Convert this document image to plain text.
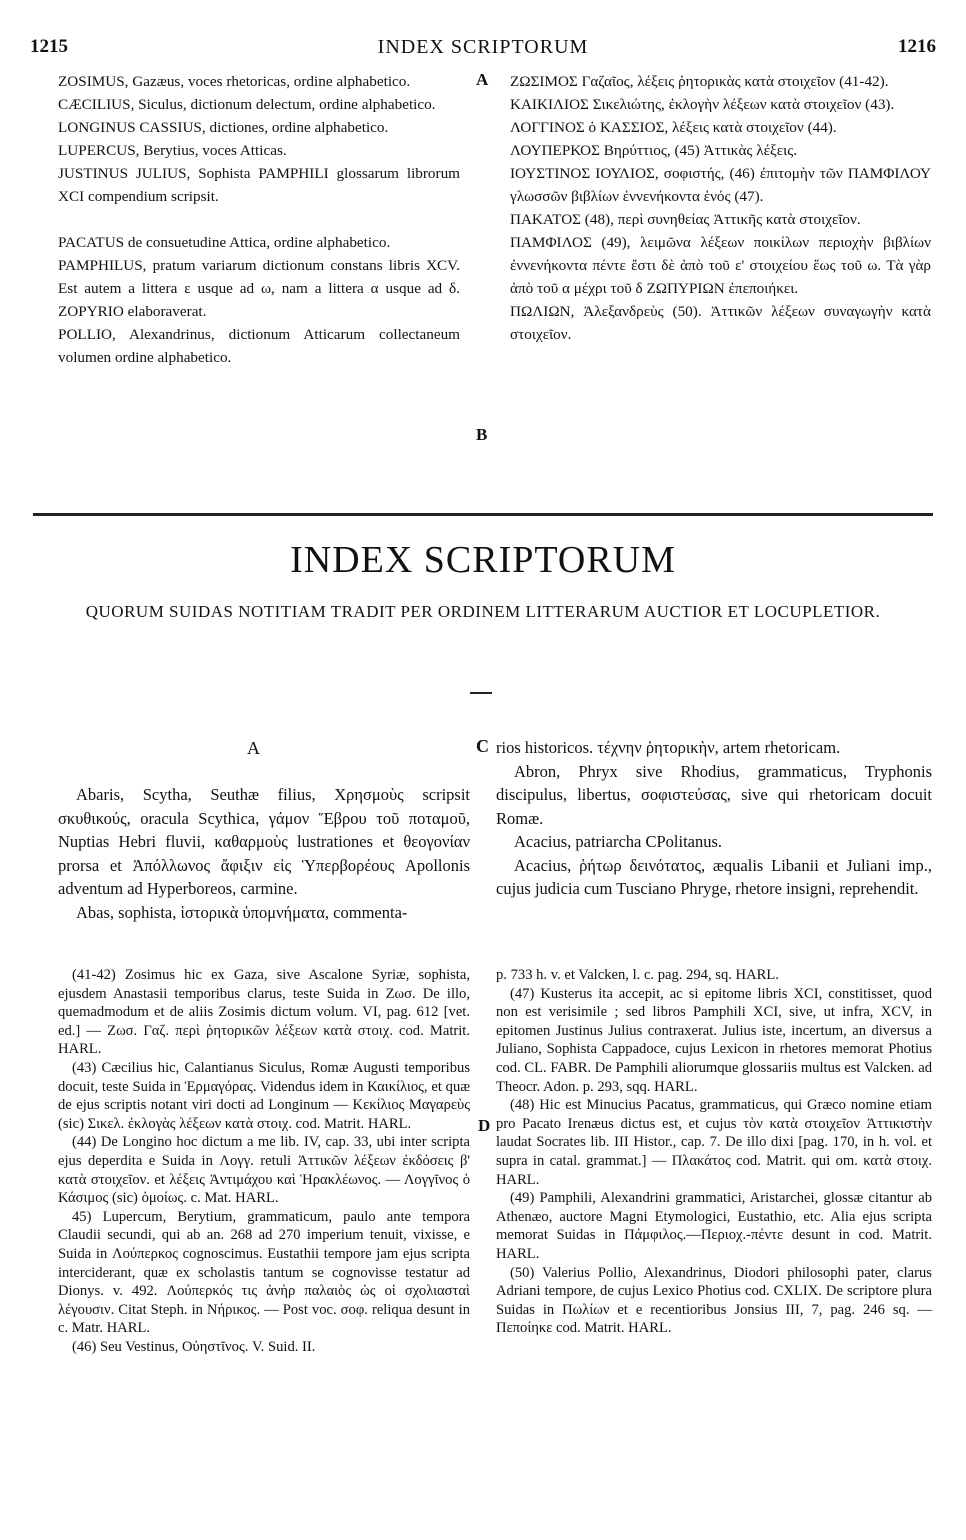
1215	INDEX SCRIPTORUM	1216

ZOSIMUS, Gazæus, voces rhetoricas, ordine alphabetico.

CÆCILIUS, Siculus, dictionum delectum, ordine alphabetico.

LONGINUS CASSIUS, dictiones, ordine alphabetico.

LUPERCUS, Berytius, voces Atticas.

JUSTINUS JULIUS, Sophista PAMPHILI glossarum librorum XCI compendium scripsit.

PACATUS de consuetudine Attica, ordine alphabetico.

PAMPHILUS, pratum variarum dictionum constans libris XCV. Est autem a littera ε usque ad ω, nam a littera α usque ad δ. ZOPYRIO elaboraverat.

POLLIO, Alexandrinus, dictionum Atticarum collectaneum volumen ordine alphabetico.

A
B

ΖΩΣΙΜΟΣ Γαζαῖος, λέξεις ῥητορικὰς κατὰ στοιχεῖον (41-42).

ΚΑΙΚΙΛΙΟΣ Σικελιώτης, ἐκλογὴν λέξεων κατὰ στοιχεῖον (43).

ΛΟΓΓΙΝΟΣ ὁ ΚΑΣΣΙΟΣ, λέξεις κατὰ στοιχεῖον (44).

ΛΟΥΠΕΡΚΟΣ Βηρύττιος, (45) Ἀττικὰς λέξεις.

ΙΟΥΣΤΙΝΟΣ ΙΟΥΛΙΟΣ, σοφιστής, (46) ἐπιτομὴν τῶν ΠΑΜΦΙΛΟΥ γλωσσῶν βιβλίων ἐννενήκοντα ἑνός (47).

ΠΑΚΑΤΟΣ (48), περὶ συνηθείας Ἀττικῆς κατὰ στοιχεῖον.

ΠΑΜΦΙΛΟΣ (49), λειμῶνα λέξεων ποικίλων περιοχὴν βιβλίων ἐννενήκοντα πέντε ἔστι δὲ ἀπὸ τοῦ ε' στοιχείου ἕως τοῦ ω. Τὰ γὰρ ἀπὸ τοῦ α μέχρι τοῦ δ ΖΩΠΥΡΙΩΝ ἐπεποιήκει.

ΠΩΛΙΩΝ, Ἀλεξανδρεὺς (50). Ἀττικῶν λέξεων συναγωγὴν κατὰ στοιχεῖον.

INDEX SCRIPTORUM
QUORUM SUIDAS NOTITIAM TRADIT PER ORDINEM LITTERARUM AUCTIOR ET LOCUPLETIOR.
A	C
D

Abaris, Scytha, Seuthæ filius, Χρησμοὺς scripsit σκυθικούς, oracula Scythica, γάμον Ἕβρου τοῦ ποταμοῦ, Nuptias Hebri fluvii, καθαρμοὺς lustrationes et θεογονίαν prorsa et Ἀπόλλωνος ἄφιξιν εἰς Ὑπερβορέους Apollonis adventum ad Hyperboreos, carmine.

Abas, sophista, ἱστορικὰ ὑπομνήματα, commenta-

rios historicos. τέχνην ῥητορικὴν, artem rhetoricam.

Abron, Phryx sive Rhodius, grammaticus, Tryphonis discipulus, libertus, σοφιστεύσας, sive qui rhetoricam docuit Romæ.

Acacius, patriarcha CPolitanus.

Acacius, ῥήτωρ δεινότατος, æqualis Libanii et Juliani imp., cujus judicia cum Tusciano Phryge, rhetore insigni, reprehendit.

(41-42) Zosimus hic ex Gaza, sive Ascalone Syriæ, sophista, ejusdem Anastasii temporibus clarus, teste Suida in Ζωσ. De illo, quemadmodum et de aliis Zosimis dictum volum. VI, pag. 612 [vet. ed.] — Ζωσ. Γαζ. περὶ ῥητορικῶν λέξεων κατὰ στοιχ. cod. Matrit. HARL.

(43) Cæcilius hic, Calantianus Siculus, Romæ Augusti temporibus docuit, teste Suida in Ἑρμαγόρας. Videndus idem in Καικίλιος, et quæ de ejus scriptis notant viri docti ad Longinum — Κεκίλιος Μαγαρεὺς (sic) Σικελ. ἐκλογὰς λέξεων κατὰ στοιχ. cod. Matrit. HARL.

(44) De Longino hoc dictum a me lib. IV, cap. 33, ubi inter scripta ejus deperdita e Suida in Λογγ. retuli Ἀττικῶν λέξεων ἐκδόσεις β' κατὰ στοιχεῖον. et λέξεις Ἀντιμάχου καὶ Ἡρακλέωνος. — Λογγῖνος ὁ Κάσιμος (sic) ὁμοίως. c. Mat. HARL.

45) Lupercum, Berytium, grammaticum, paulo ante tempora Claudii secundi, qui ab an. 268 ad 270 imperium tenuit, vixisse, e Suida in Λούπερκος cognoscimus. Eustathii tempore jam ejus scripta interciderant, quæ ex scholastis tantum se cognovisse testatur ad Dionys. v. 492. Λούπερκός τις ἀνὴρ παλαιὸς ὡς οἱ σχολιασταὶ λέγουσιν. Citat Steph. in Νήρικος. — Post voc. σοφ. reliqua desunt in c. Matr. HARL.

(46) Seu Vestinus, Οὐηστῖνος. V. Suid. II.

p. 733 h. v. et Valcken, l. c. pag. 294, sq. HARL.

(47) Kusterus ita accepit, ac si epitome libris XCI, constitisset, quod non est verisimile ; sed libros Pamphili XCI, sive, ut infra, XCV, in epitomen Justinus Julius contraxerat. Julius iste, incertum, an diversus a Juliano, Sophista Cappadoce, cujus Lexicon in rhetores memorat Photius cod. CL. FABR. De Pamphili aliorumque glossariis multus est Valcken. ad Theocr. Adon. p. 293, sqq. HARL.

(48) Hic est Minucius Pacatus, grammaticus, qui Græco nomine etiam pro Pacato Irenæus dictus est, et cujus τὸν κατὰ στοιχεῖον Ἀττικιστὴν laudat Socrates lib. III Histor., cap. 7. De illo dixi [pag. 170, in h. vol. et supra in catal. grammat.] — Πλακάτος cod. Matrit. qui om. κατὰ στοιχ. HARL.

(49) Pamphili, Alexandrini grammatici, Aristarchei, glossæ citantur ab Athenæo, auctore Magni Etymologici, Eustathio, etc. Alia ejus scripta memorat Suidas in Πάμφιλος.—Περιοχ.-πέντε desunt in cod. Matrit. HARL.

(50) Valerius Pollio, Alexandrinus, Diodori philosophi pater, clarus Adriani tempore, de cujus Lexico Photius cod. CXLIX. De scriptore plura Suidas in Πωλίων et e recentioribus Jonsius III, 7, pag. 246 sq. — Πεποίηκε cod. Matrit. HARL.
